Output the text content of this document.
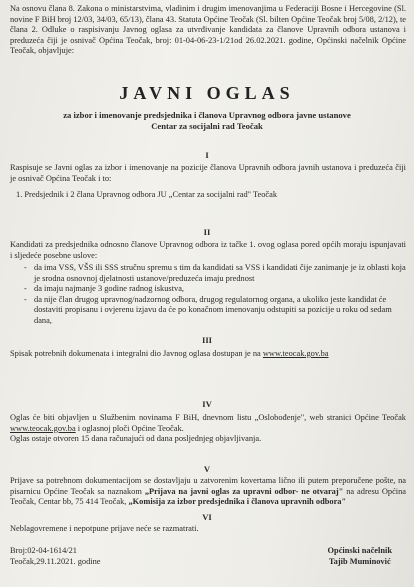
Na osnovu člana 8. Zakona o ministarstvima, vladinim i drugim imenovanjima u Federaciji Bosne i Hercegovine (Sl. novine F BiH broj 12/03, 34/03, 65/13), člana 43. Statuta Općine Teočak (Sl. bilten Općine Teočak broj 5/08, 2/12), te člana 2. Odluke o raspisivanju Javnog oglasa za utvrđivanje kandidata za članove Upravnih odbora ustanova i preduzeća čiji je osnivač Općina Teočak, broj: 01-04-06-23-1/21od 26.02.2021. godine, Općinski načelnik Općine Teočak, objavljuje:

JAVNI OGLAS
za izbor i imenovanje predsjednika i članova Upravnog odbora javne ustanove
Centar za socijalni rad Teočak
I

Raspisuje se Javni oglas za izbor i imenovanje na pozicije članova Upravnih odbora javnih ustanova i preduzeća čiji je osnivač Općina Teočak i to:

1. Predsjednik i 2 člana Upravnog odbora JU „Centar za socijalni rad" Teočak
II

Kandidati za predsjednika odnosno članove Upravnog odbora iz tačke 1. ovog oglasa pored općih moraju ispunjavati i sljedeće posebne uslove:

- da ima VSS, VŠS ili SSS stručnu spremu s tim da kandidati sa VSS i kandidati čije zanimanje je iz oblasti koja je srodna osnovnoj djelatnosti ustanove/preduzeća imaju prednost
- da imaju najmanje 3 godine radnog iskustva,
- da nije član drugog upravnog/nadzornog odbora, drugog regulatornog organa, a ukoliko jeste kandidat će dostaviti propisanu i ovjerenu izjavu da će po konačnom imenovanju odstupiti sa pozicije u roku od sedam dana,
III

Spisak potrebnih dokumenata i integralni dio Javnog oglasa dostupan je na www.teocak.gov.ba

IV

Oglas će biti objavljen u Službenim novinama F BiH, dnevnom listu „Oslobođenje", web stranici Općine Teočak www.teocak.gov.ba i oglasnoj ploči Općine Teočak.
Oglas ostaje otvoren 15 dana računajući od dana posljednjeg objavljivanja.

V

Prijave sa potrebnom dokumentacijom se dostavljaju u zatvorenim kovertama lično ili putem preporučene pošte, na pisarnicu Općine Teočak sa naznakom „Prijava na javni oglas za upravni odbor- ne otvaraj" na adresu Općina Teočak, Centar bb, 75 414 Teočak, „Komisija za izbor predsjednika i članova upravnih odbora"

VI

Neblagovremene i nepotpune prijave neće se razmatrati.

Broj:02-04-1614/21
Teočak,29.11.2021. godine
Općinski načelnik
Tajib Muminović
